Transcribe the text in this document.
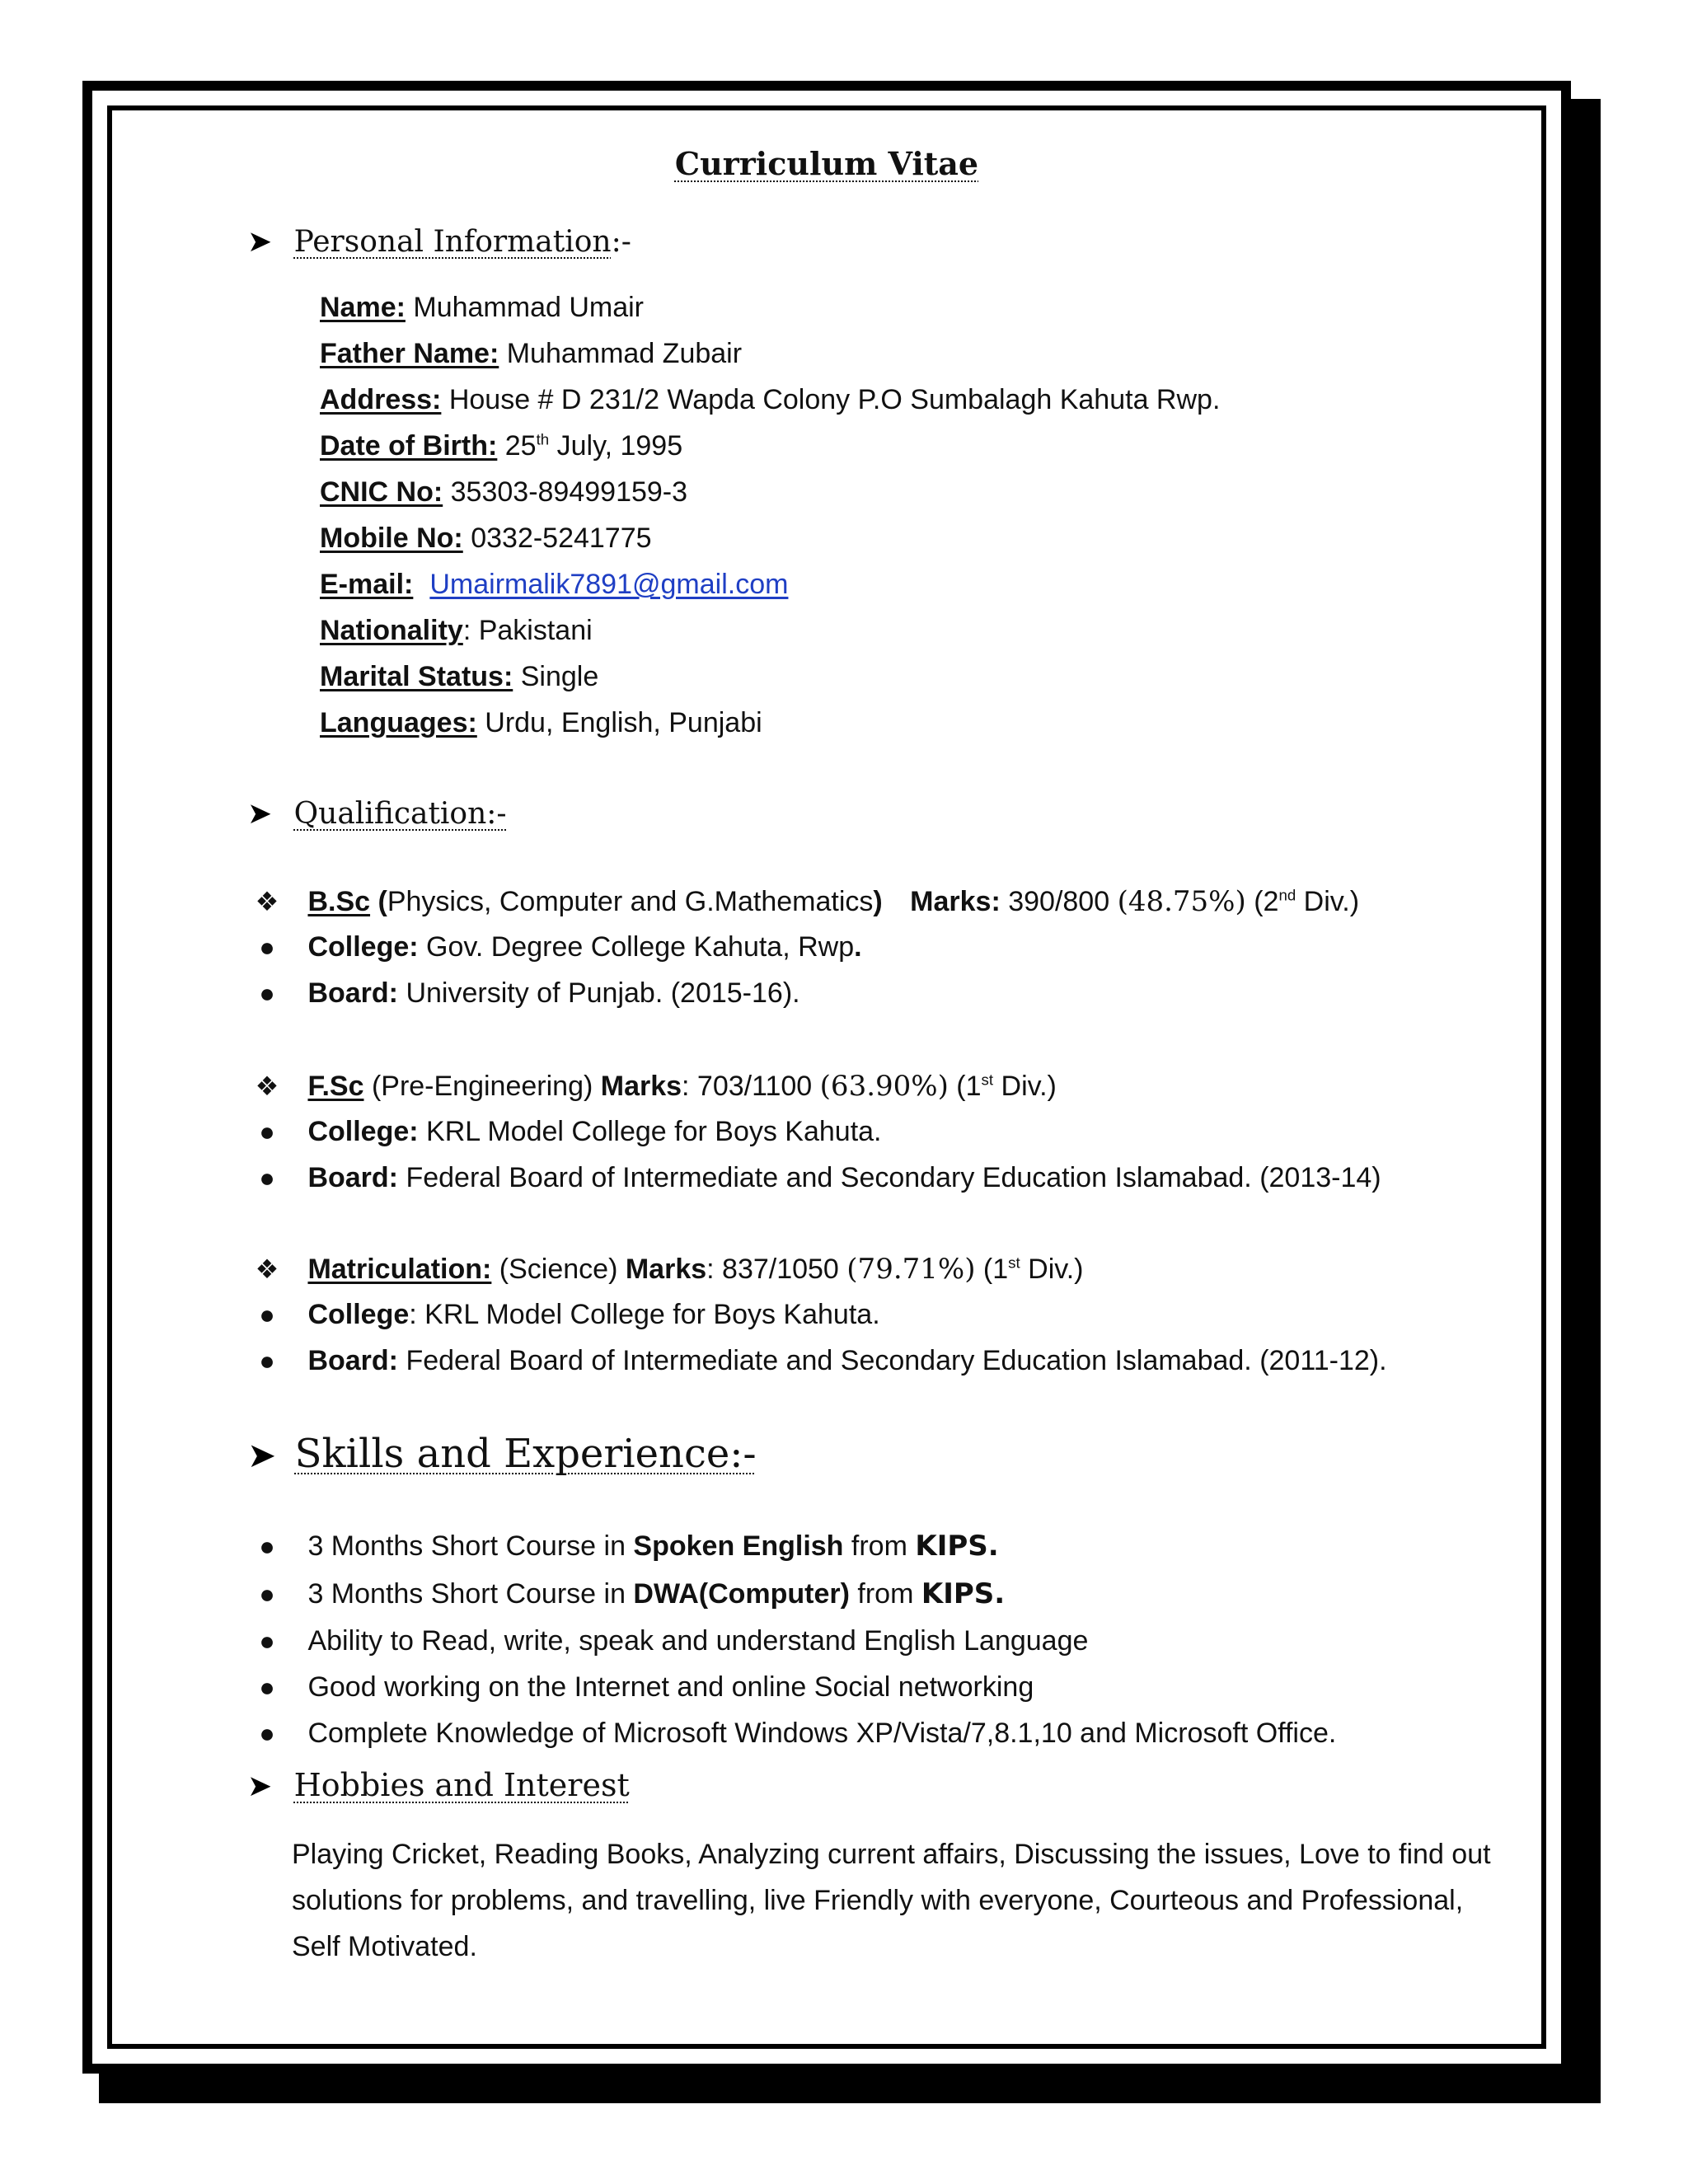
Curriculum Vitae
➤ Personal Information:-
Name: Muhammad Umair
Father Name: Muhammad Zubair
Address: House # D 231/2 Wapda Colony P.O Sumbalagh Kahuta Rwp.
Date of Birth: 25th July, 1995
CNIC No: 35303-89499159-3
Mobile No: 0332-5241775
E-mail: Umairmalik7891@gmail.com
Nationality: Pakistani
Marital Status: Single
Languages: Urdu, English, Punjabi
➤ Qualification:-
❖ B.Sc (Physics, Computer and G.Mathematics) Marks: 390/800 (48.75%) (2nd Div.)
● College: Gov. Degree College Kahuta, Rwp.
● Board: University of Punjab. (2015-16).
❖ F.Sc (Pre-Engineering) Marks: 703/1100 (63.90%) (1st Div.)
● College: KRL Model College for Boys Kahuta.
● Board: Federal Board of Intermediate and Secondary Education Islamabad. (2013-14)
❖ Matriculation: (Science) Marks: 837/1050 (79.71%) (1st Div.)
● College: KRL Model College for Boys Kahuta.
● Board: Federal Board of Intermediate and Secondary Education Islamabad. (2011-12).
➤ Skills and Experience:-
● 3 Months Short Course in Spoken English from KIPS.
● 3 Months Short Course in DWA(Computer) from KIPS.
● Ability to Read, write, speak and understand English Language
● Good working on the Internet and online Social networking
● Complete Knowledge of Microsoft Windows XP/Vista/7,8.1,10 and Microsoft Office.
➤ Hobbies and Interest
Playing Cricket, Reading Books, Analyzing current affairs, Discussing the issues, Love to find out solutions for problems, and travelling, live Friendly with everyone, Courteous and Professional, Self Motivated.
